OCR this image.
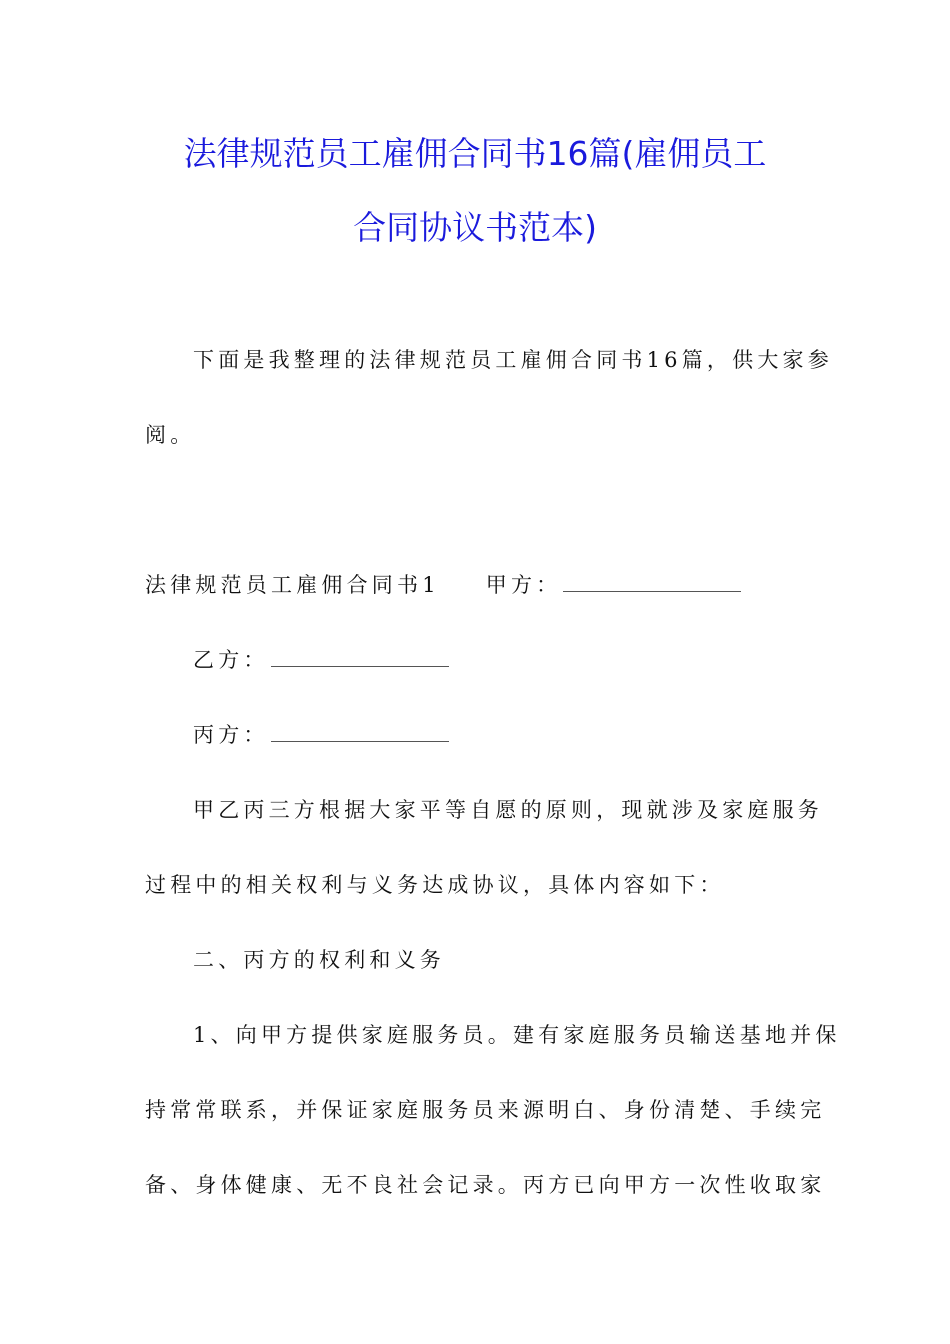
法律规范员工雇佣合同书16篇(雇佣员工
合同协议书范本)
下面是我整理的法律规范员工雇佣合同书16篇，供大家参
阅。
法律规范员工雇佣合同书1 甲方：
乙方：
丙方：
甲乙丙三方根据大家平等自愿的原则，现就涉及家庭服务
过程中的相关权利与义务达成协议，具体内容如下：
二、丙方的权利和义务
1、向甲方提供家庭服务员。建有家庭服务员输送基地并保
持常常联系，并保证家庭服务员来源明白、身份清楚、手续完
备、身体健康、无不良社会记录。丙方已向甲方一次性收取家
